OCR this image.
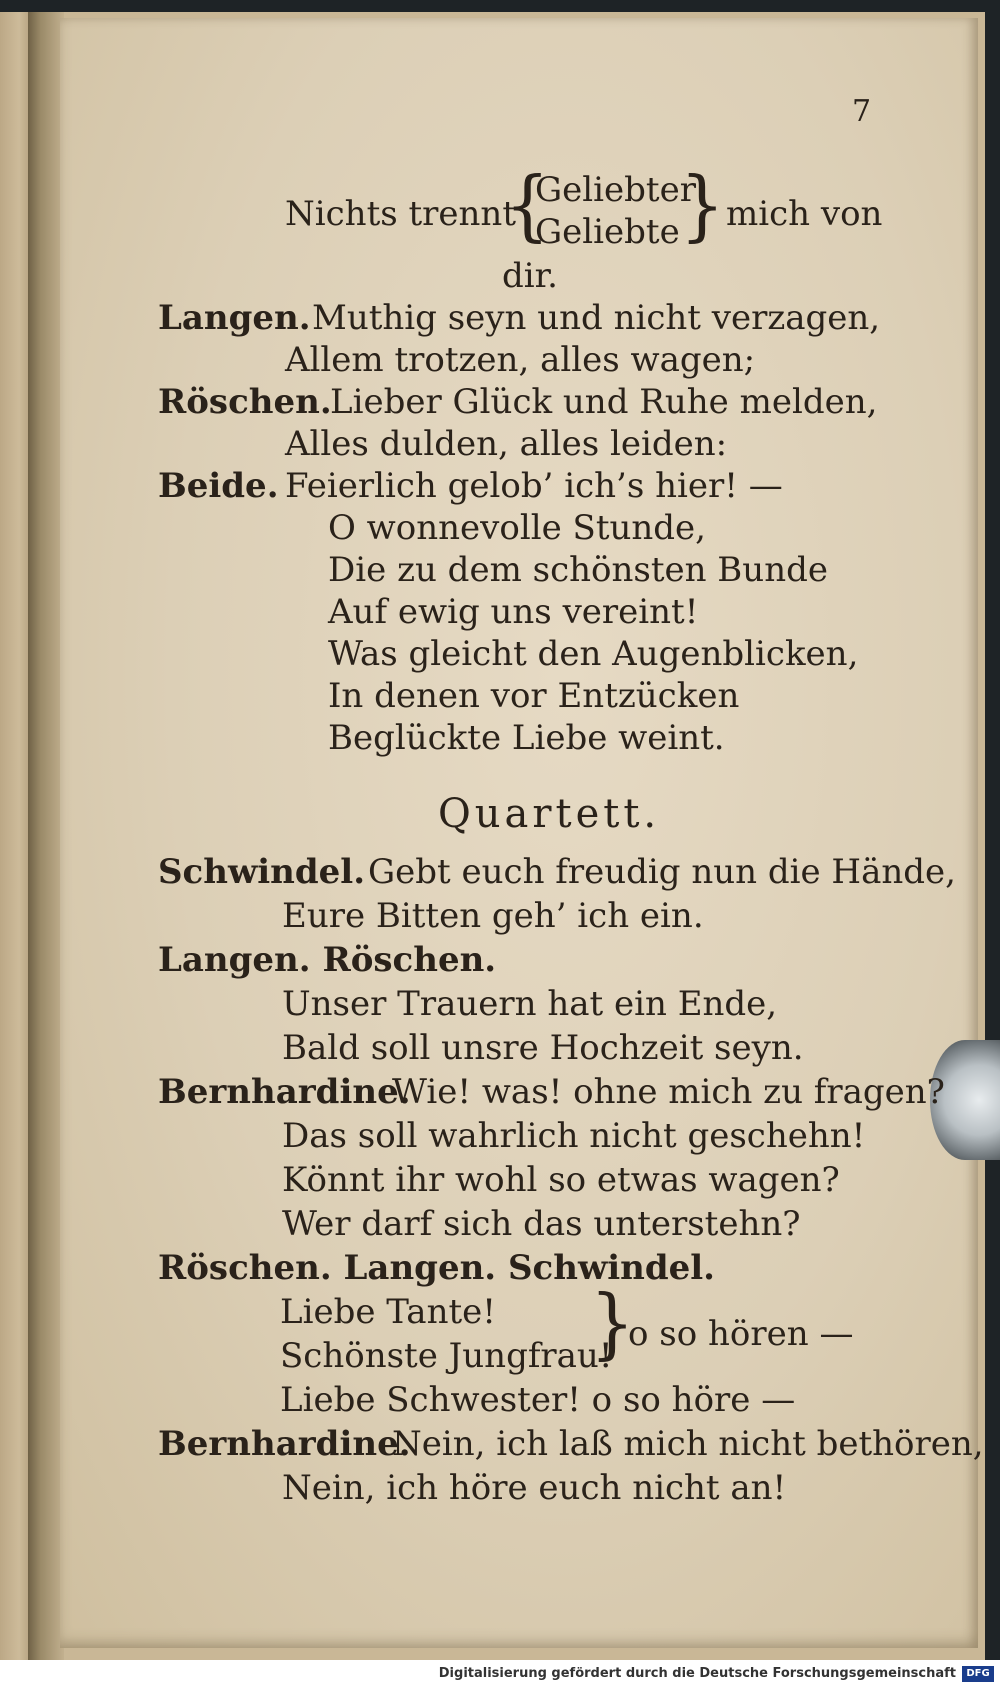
7
Nichts trennt
{
Geliebter
Geliebte } mich von
dir.
Langen. Muthig seyn und nicht verzagen,
Allem trotzen, alles wagen;
Röschen.
Lieber Glück und Ruhe melden,
Alles dulden, alles leiden:
Beide. Feierlich gelob’ ich’s hier! —
O wonnevolle Stunde,
Die zu dem schönsten Bunde
Auf ewig uns vereint!
Was gleicht den Augenblicken,
In denen vor Entzücken
Beglückte Liebe weint.
Quartett.
Schwindel. Gebt euch freudig nun die Hände,
Eure Bitten geh’ ich ein.
Langen. Röschen.
Unser Trauern hat ein Ende,
Bald soll unsre Hochzeit seyn.
Bernhardine.
Wie! was! ohne mich zu fragen?
Das soll wahrlich nicht geschehn!
Könnt ihr wohl so etwas wagen?
Wer darf sich das unterstehn?
Röschen. Langen. Schwindel.
Liebe Tante!
Schönste Jungfrau!
}
o so hören —
Liebe Schwester! o so höre —
Bernhardine.
Nein, ich laß mich nicht bethören,
Nein, ich höre euch nicht an!
Digitalisierung gefördert durch die Deutsche Forschungsgemeinschaft	DFG
